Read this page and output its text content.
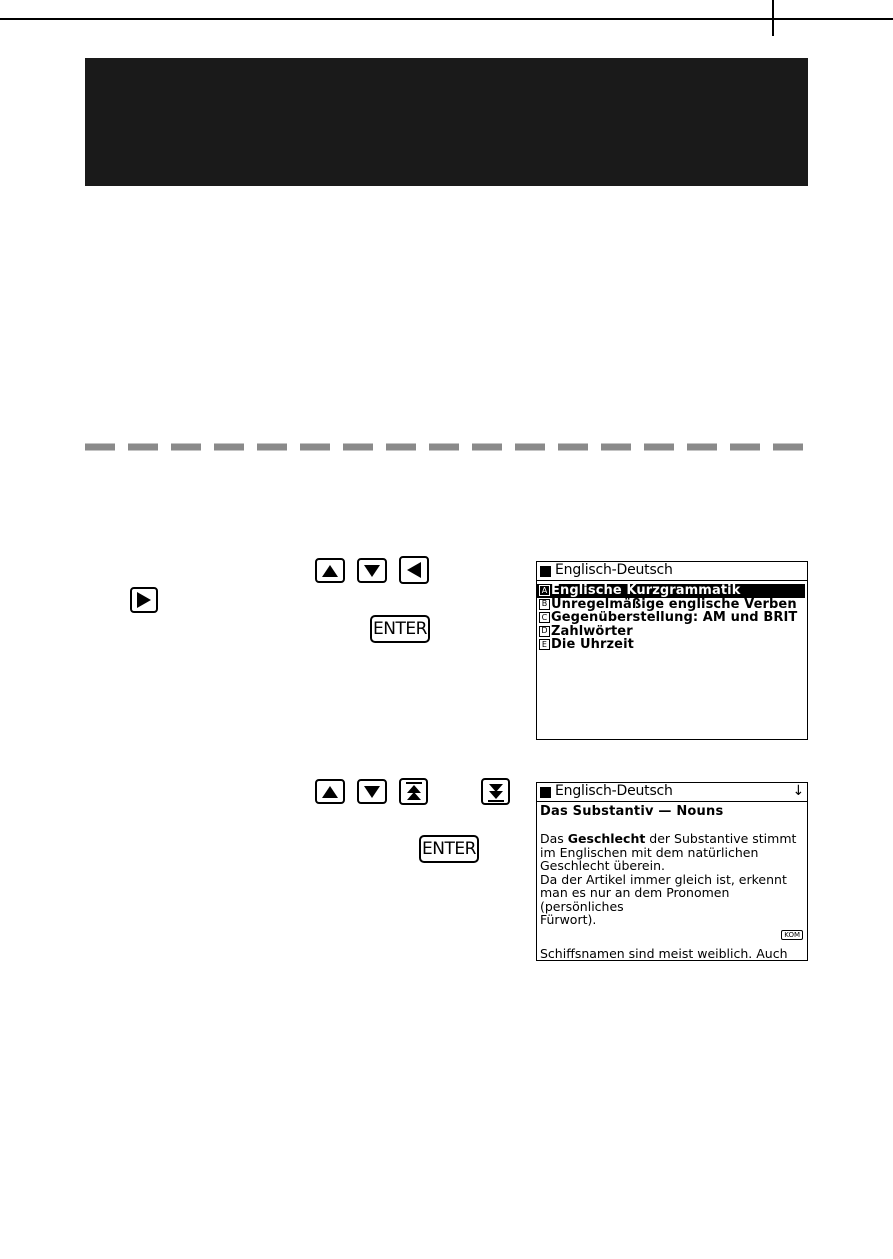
ENTER
ENTER
Englisch-Deutsch
A Englische Kurzgrammatik
B Unregelmäßige englische Verben
C Gegenüberstellung: AM und BRIT
D Zahlwörter
E Die Uhrzeit
Englisch-Deutsch	↓
Das Substantiv — Nouns
Das Geschlecht der Substantive stimmt
im Englischen mit dem natürlichen
Geschlecht überein.
Da der Artikel immer gleich ist, erkennt
man es nur an dem Pronomen (persönliches
Fürwort).
KOM
Schiffsnamen sind meist weiblich. Auch
